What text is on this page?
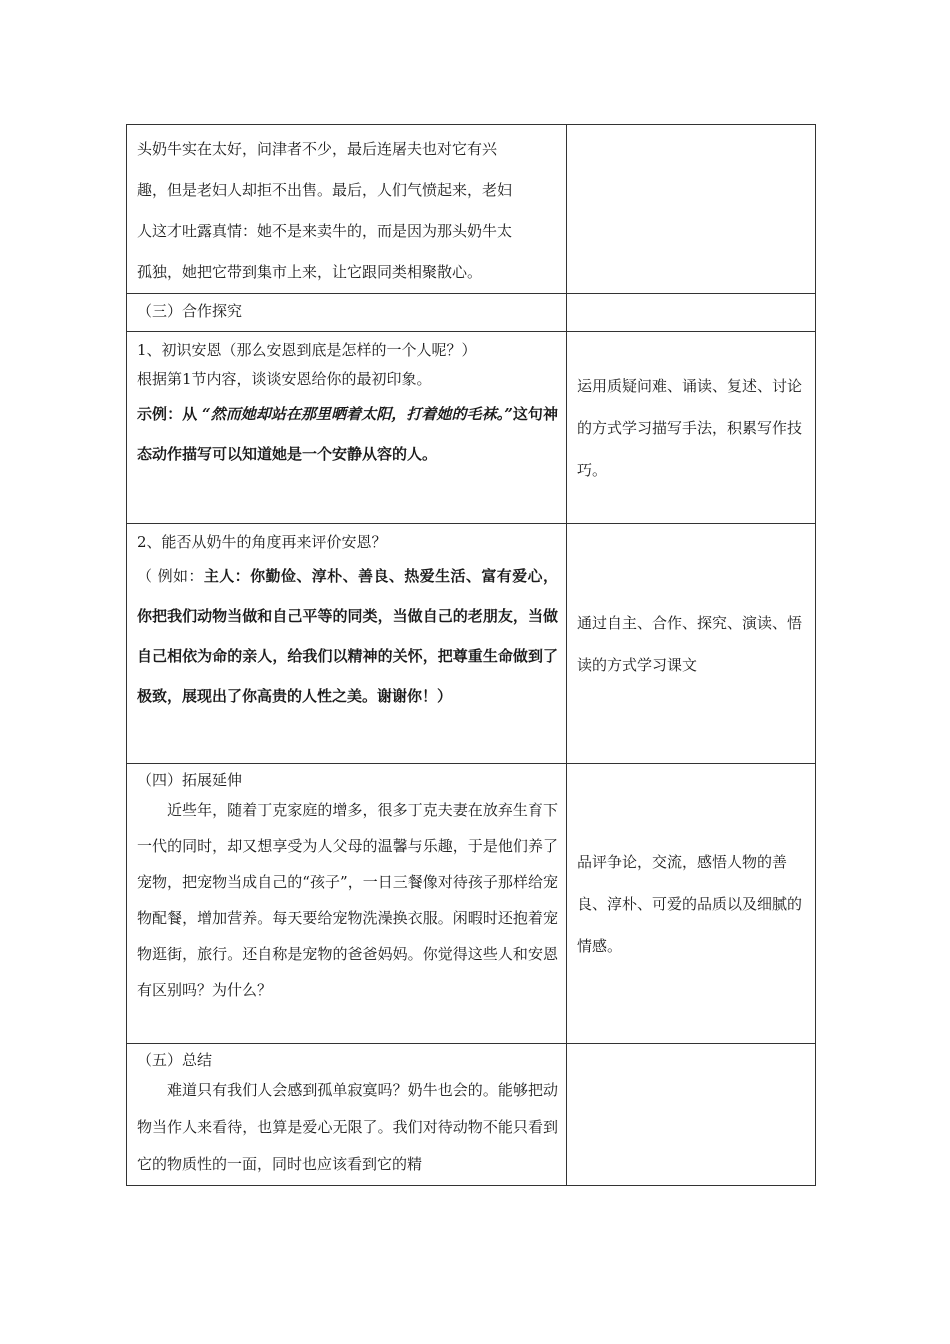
头奶牛实在太好，问津者不少，最后连屠夫也对它有兴

趣，但是老妇人却拒不出售。最后，人们气愤起来，老妇

人这才吐露真情：她不是来卖牛的，而是因为那头奶牛太

孤独，她把它带到集市上来，让它跟同类相聚散心。	

（三）合作探究	

1、初识安恩（那么安恩到底是怎样的一个人呢？）

根据第1节内容，谈谈安恩给你的最初印象。

示例：从 “然而她却站在那里晒着太阳，打着她的毛袜。”这句神态动作描写可以知道她是一个安静从容的人。	运用质疑问难、诵读、复述、讨论的方式学习描写手法，积累写作技巧。

2、能否从奶牛的角度再来评价安恩？

（ 例如：主人：你勤俭、淳朴、善良、热爱生活、富有爱心，你把我们动物当做和自己平等的同类，当做自己的老朋友，当做自己相依为命的亲人，给我们以精神的关怀，把尊重生命做到了极致，展现出了你高贵的人性之美。谢谢你！）	通过自主、合作、探究、演读、悟读的方式学习课文

（四）拓展延伸

近些年，随着丁克家庭的增多，很多丁克夫妻在放弃生育下一代的同时，却又想享受为人父母的温馨与乐趣，于是他们养了宠物，把宠物当成自己的“孩子”，一日三餐像对待孩子那样给宠物配餐，增加营养。每天要给宠物洗澡换衣服。闲暇时还抱着宠物逛街，旅行。还自称是宠物的爸爸妈妈。你觉得这些人和安恩有区别吗？为什么？	品评争论，交流，感悟人物的善良、淳朴、可爱的品质以及细腻的情感。

（五）总结

难道只有我们人会感到孤单寂寞吗？奶牛也会的。能够把动物当作人来看待，也算是爱心无限了。我们对待动物不能只看到它的物质性的一面，同时也应该看到它的精	
